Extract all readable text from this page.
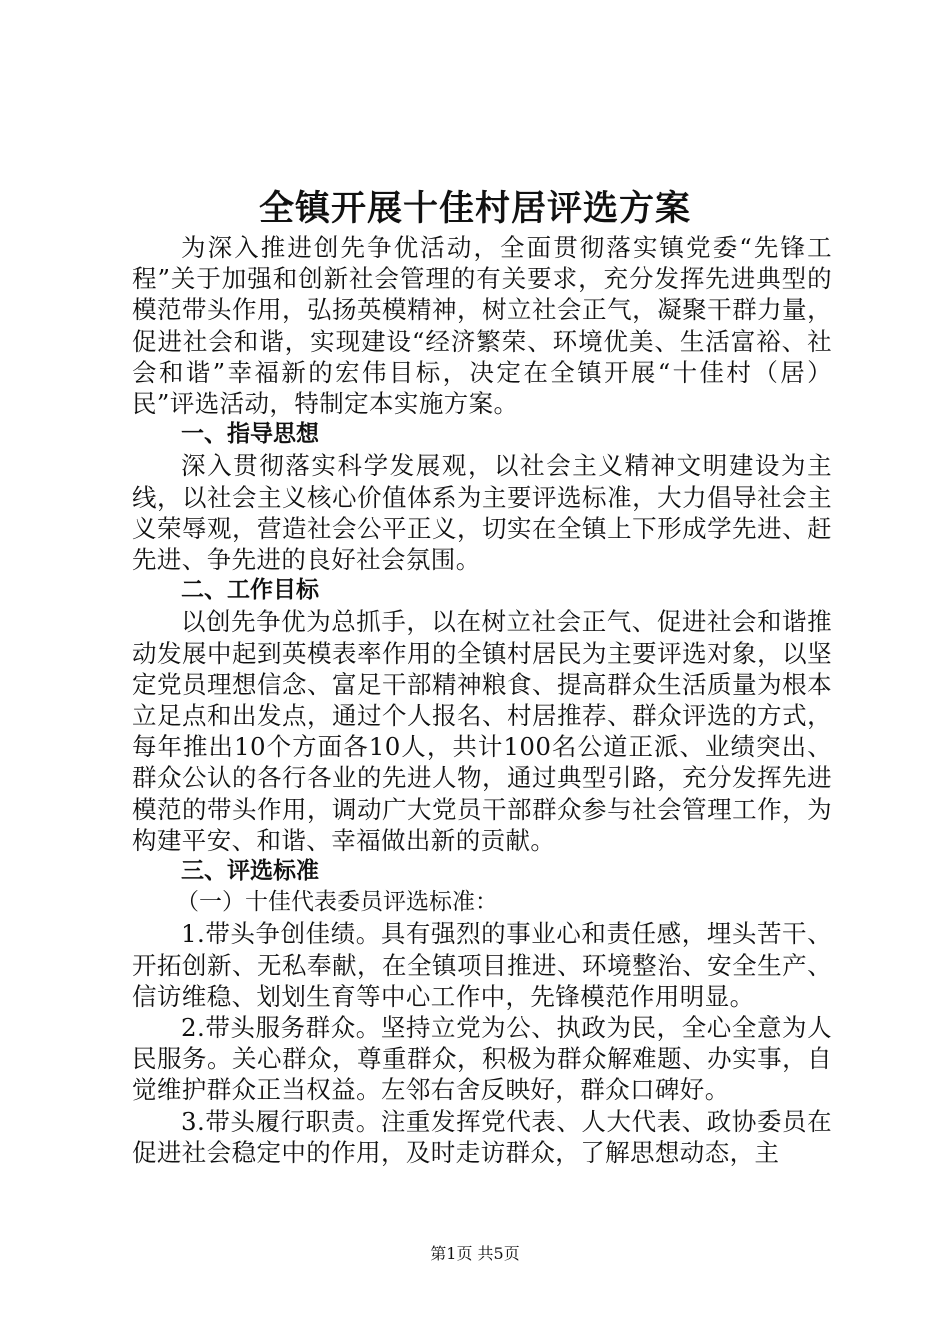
全镇开展十佳村居评选方案

为深入推进创先争优活动，全面贯彻落实镇党委“先锋工程”关于加强和创新社会管理的有关要求，充分发挥先进典型的模范带头作用，弘扬英模精神，树立社会正气，凝聚干群力量，促进社会和谐，实现建设“经济繁荣、环境优美、生活富裕、社会和谐”幸福新的宏伟目标，决定在全镇开展“十佳村（居）民”评选活动，特制定本实施方案。

一、指导思想

深入贯彻落实科学发展观，以社会主义精神文明建设为主线，以社会主义核心价值体系为主要评选标准，大力倡导社会主义荣辱观，营造社会公平正义，切实在全镇上下形成学先进、赶先进、争先进的良好社会氛围。

二、工作目标

以创先争优为总抓手，以在树立社会正气、促进社会和谐推动发展中起到英模表率作用的全镇村居民为主要评选对象，以坚定党员理想信念、富足干部精神粮食、提高群众生活质量为根本立足点和出发点，通过个人报名、村居推荐、群众评选的方式，每年推出10个方面各10人，共计100名公道正派、业绩突出、群众公认的各行各业的先进人物，通过典型引路，充分发挥先进模范的带头作用，调动广大党员干部群众参与社会管理工作，为构建平安、和谐、幸福做出新的贡献。

三、评选标准

（一）十佳代表委员评选标准：

1.带头争创佳绩。具有强烈的事业心和责任感，埋头苦干、开拓创新、无私奉献，在全镇项目推进、环境整治、安全生产、信访维稳、划划生育等中心工作中，先锋模范作用明显。

2.带头服务群众。坚持立党为公、执政为民，全心全意为人民服务。关心群众，尊重群众，积极为群众解难题、办实事，自觉维护群众正当权益。左邻右舍反映好，群众口碑好。

3.带头履行职责。注重发挥党代表、人大代表、政协委员在促进社会稳定中的作用，及时走访群众，了解思想动态，主

第1页 共5页
